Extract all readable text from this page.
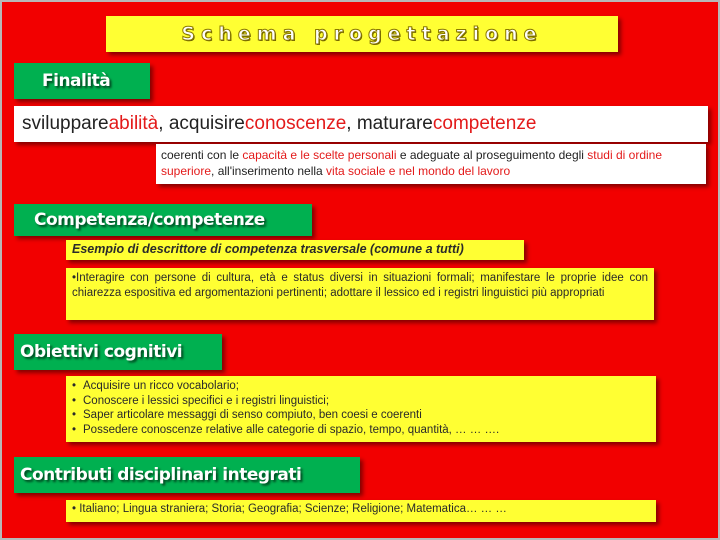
Schema progettazione
Finalità
sviluppare abilità , acquisire conoscenze , maturare competenze
coerenti con le capacità e le scelte personali e adeguate al proseguimento degli studi di ordine superiore, all'inserimento nella vita sociale e nel mondo del lavoro
Competenza/competenze
Esempio di descrittore di competenza trasversale (comune a tutti)
•Interagire con persone di cultura, età e status diversi in situazioni formali; manifestare le proprie idee con chiarezza espositiva ed argomentazioni pertinenti; adottare il lessico ed i registri linguistici più appropriati
Obiettivi cognitivi
• Acquisire un ricco vocabolario;
• Conoscere i lessici specifici e i registri linguistici;
• Saper articolare messaggi di senso compiuto, ben coesi e coerenti
• Possedere conoscenze relative alle categorie di spazio, tempo, quantità, … … ….
Contributi disciplinari integrati
• Italiano; Lingua straniera; Storia; Geografia; Scienze; Religione; Matematica… … …
